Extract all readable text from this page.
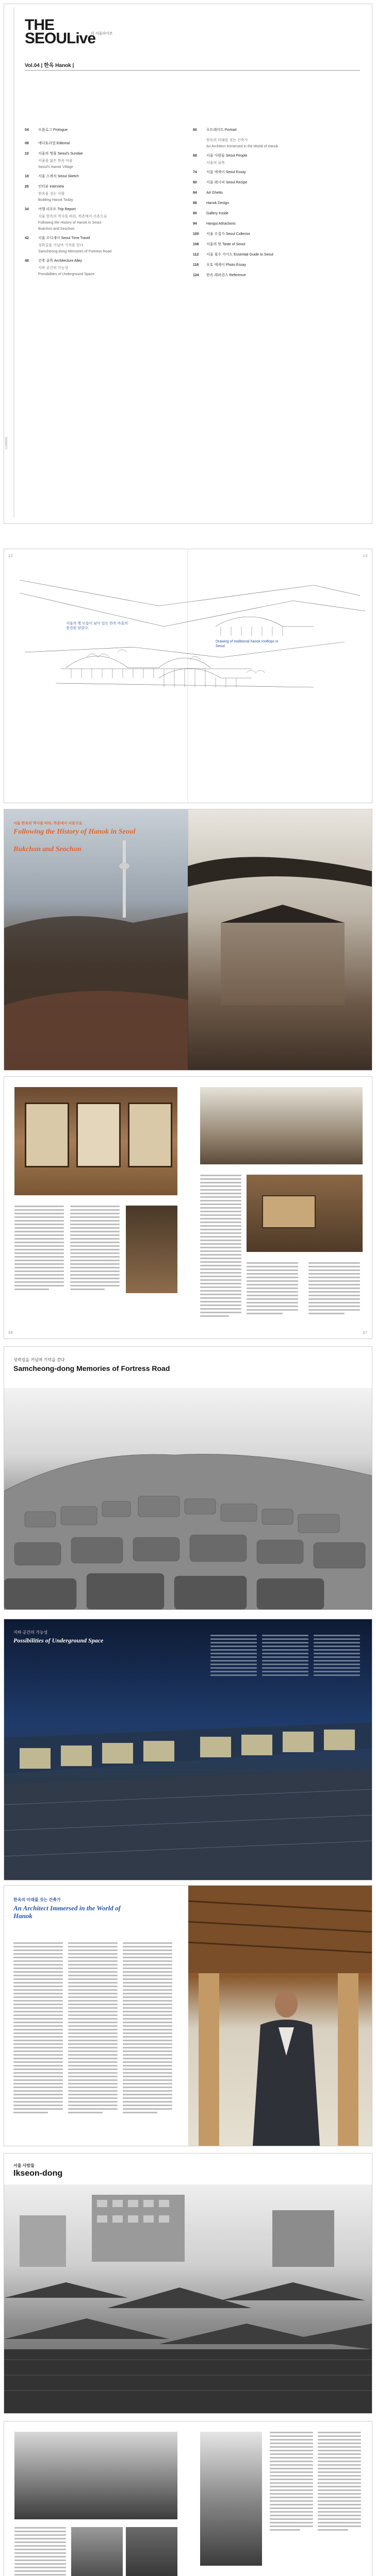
Contents
THE
SEOULive
더 서울라이브
Vol.04 | 한옥 Hanok |
04	프롤로그 Prologue
08	에디토리얼 Editorial
10	서울의 명물 Seoul's Sundae
서울을 닮은 한옥 마을
Seoul's Hanok Village
18	서울 스케치 Seoul Sketch
26	인터뷰 Interview
한옥을 짓는 사람
Building Hanok Today
34	여행 리포트 Trip Report
서울 한옥의 역사를 따라, 북촌에서 서촌으로
Following the History of Hanok in Seoul
Bukchon and Seochon
42	서울 오디세이 Seoul Time Travel
성곽길을 거닐며 기억을 걷다
Samcheong-dong Memories of Fortress Road
48	건축 골목 Architecture Alley
지하 공간의 가능성
Possibilities of Underground Space
60	포트레이트 Portrait
한옥의 미래를 짓는 건축가
An Architect Immersed in the World of Hanok
68	서울 사람들 Seoul People
서울의 골목
74	서울 에세이 Seoul Essay
80	서울 레시피 Seoul Recipe
84	Art Ghetto
86	Hanok Design
90	Gallery Inside
94	Hangul Attractions
100 서울 수집가 Seoul Collector
106 서울의 맛 Taste of Seoul
112 서울 필수 가이드 Essential Guide to Seoul
118 포토 에세이 Photo Essay
124 한옥 레퍼런스 Reference
12	13
서울의 옛 모습이 남아 있는 한옥 마을의 풍경을 담았다.
Drawing of traditional hanok rooftops in Seoul
서울 한옥의 역사를 따라, 북촌에서 서촌으로
Following the History of Hanok in Seoul
Bukchon and Seochon
36	37
성곽길을 거닐며 기억을 걷다
Samcheong-dong Memories of Fortress Road
지하 공간의 가능성
Possibilities of Underground Space
한옥의 미래를 짓는 건축가
An Architect Immersed in the World of Hanok
서울 사람들
Ikseon-dong
